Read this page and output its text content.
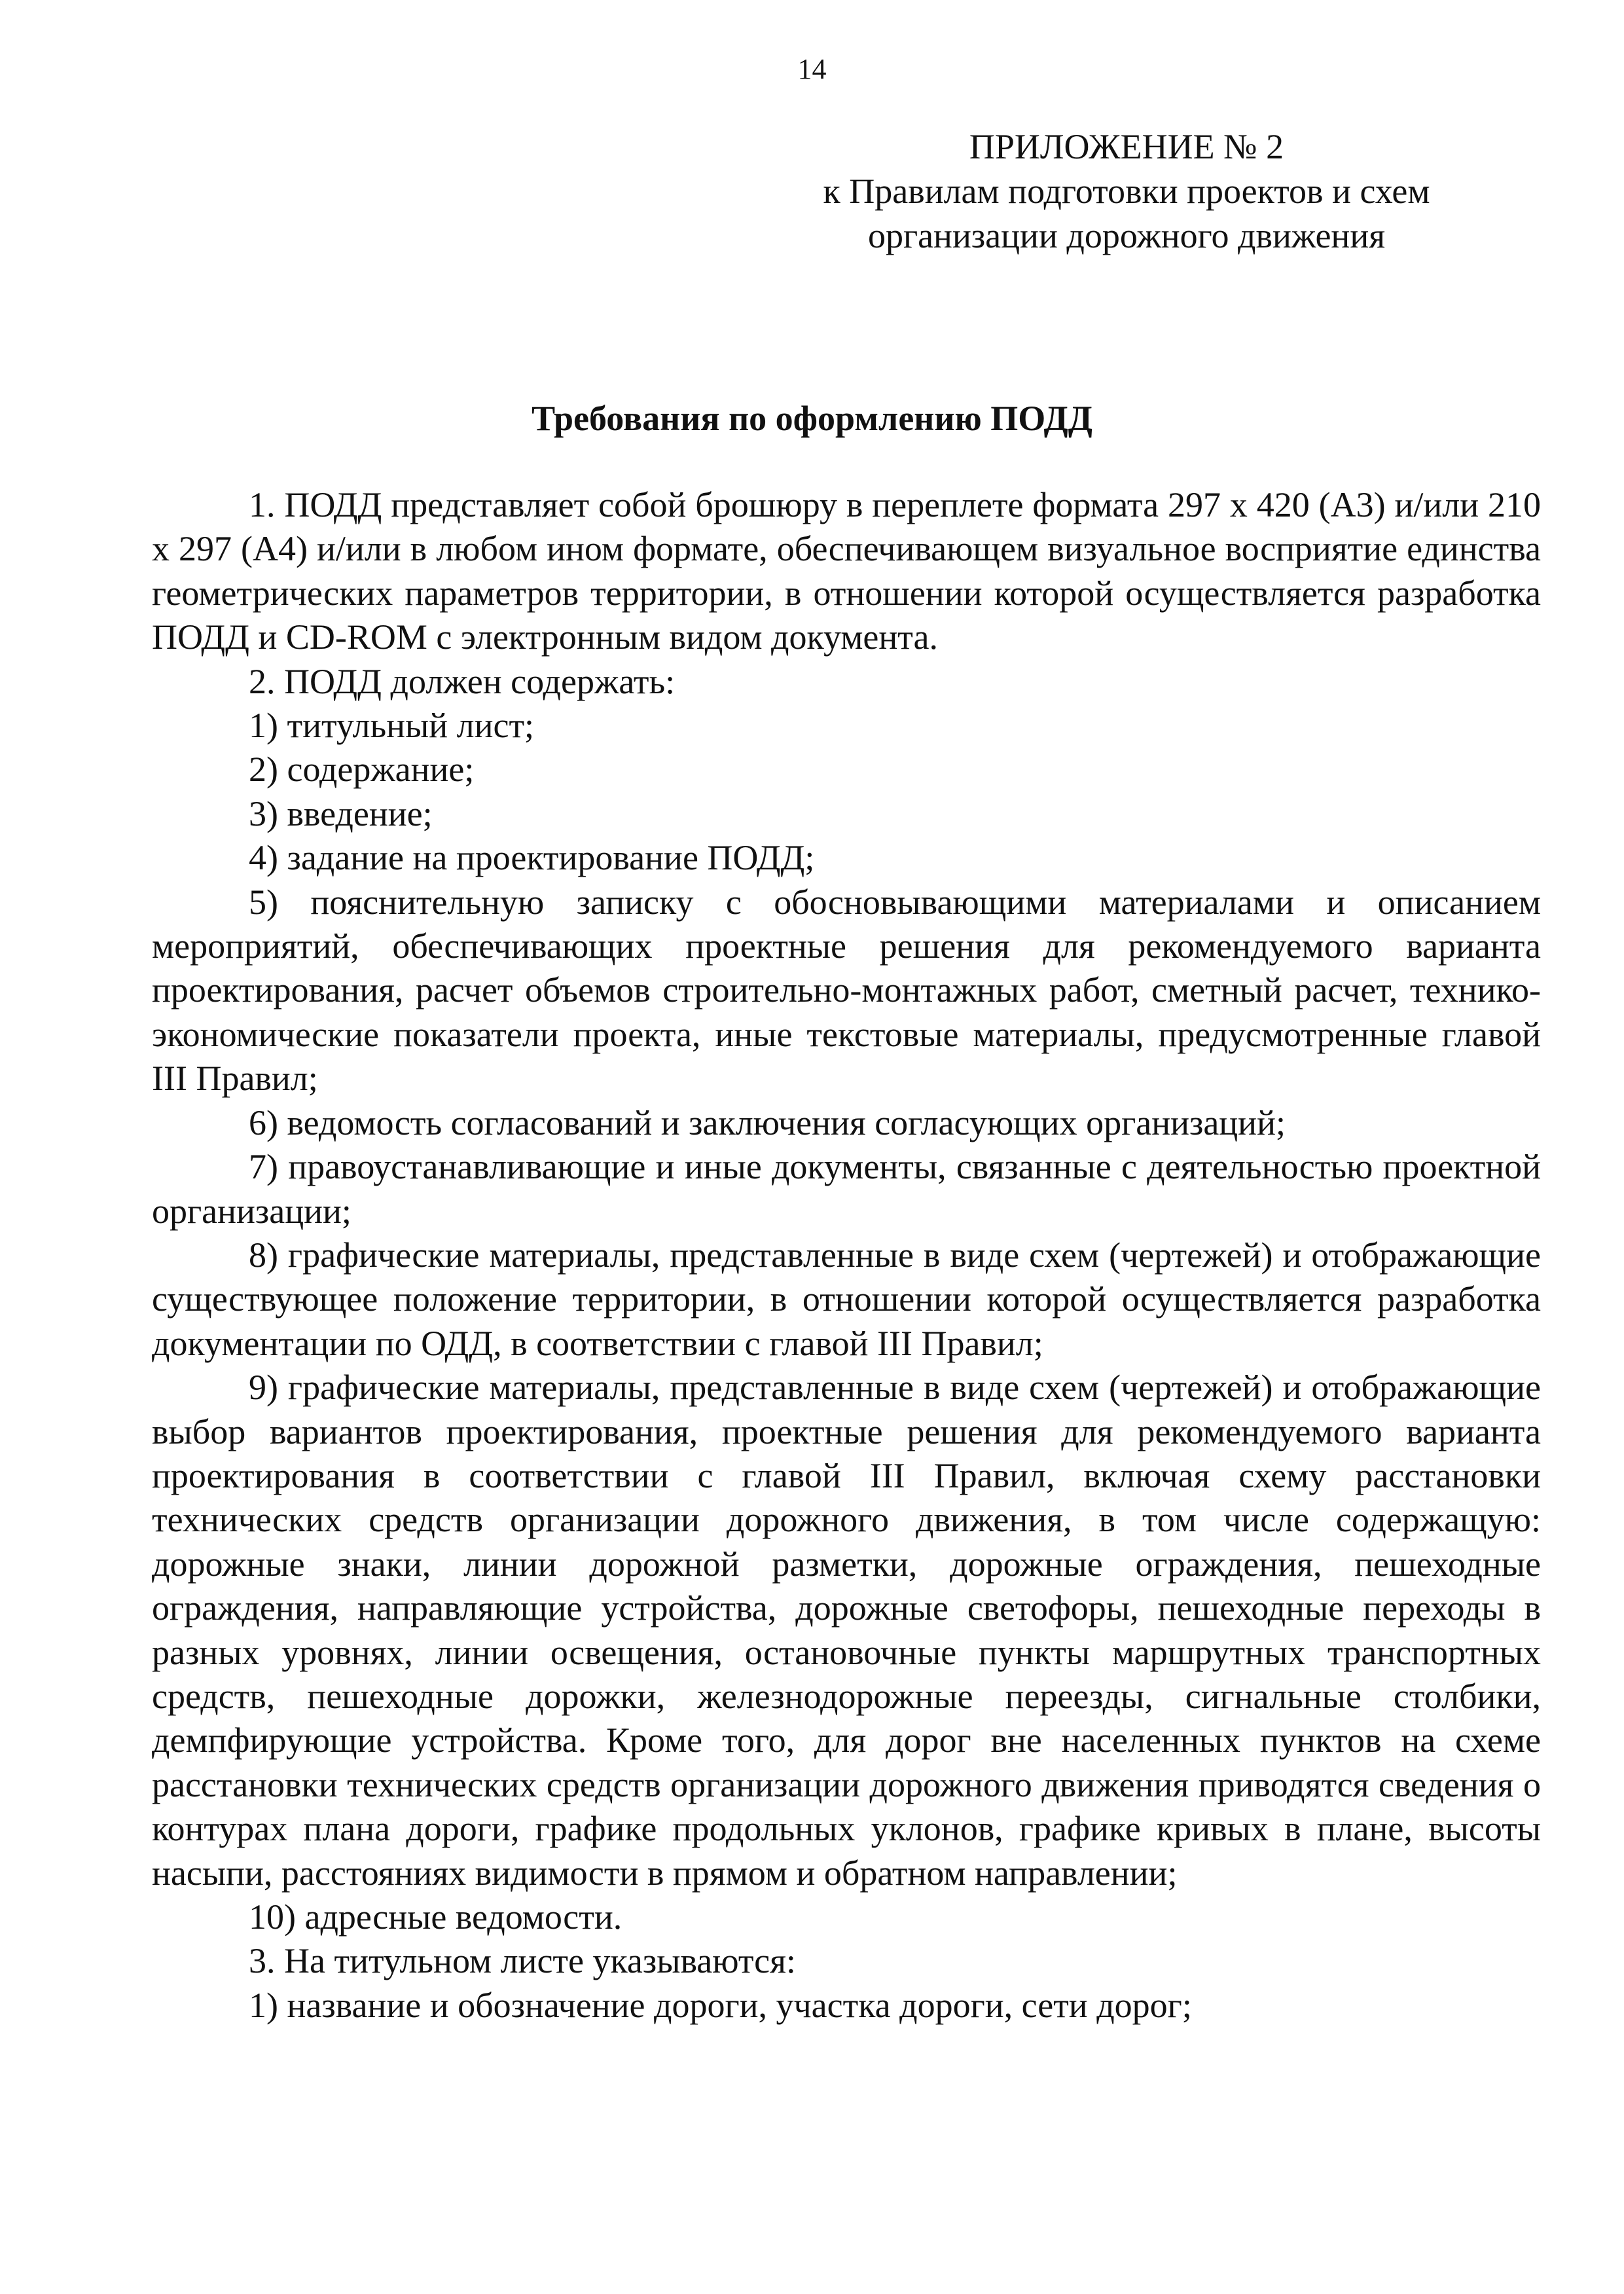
14
ПРИЛОЖЕНИЕ № 2
к Правилам подготовки проектов и схем
организации дорожного движения
Требования по оформлению ПОДД

1. ПОДД представляет собой брошюру в переплете формата 297 х 420 (А3) и/или 210 х 297 (А4) и/или в любом ином формате, обеспечивающем визуальное восприятие единства геометрических параметров территории, в отношении которой осуществляется разработка ПОДД и CD-ROM с электронным видом документа.

2. ПОДД должен содержать:

1) титульный лист;

2) содержание;

3) введение;

4) задание на проектирование ПОДД;

5) пояснительную записку с обосновывающими материалами и описанием мероприятий, обеспечивающих проектные решения для рекомендуемого варианта проектирования, расчет объемов строительно-монтажных работ, сметный расчет, технико-экономические показатели проекта, иные текстовые материалы, предусмотренные главой III Правил;

6) ведомость согласований и заключения согласующих организаций;

7) правоустанавливающие и иные документы, связанные с деятельностью проектной организации;

8) графические материалы, представленные в виде схем (чертежей) и отображающие существующее положение территории, в отношении которой осуществляется разработка документации по ОДД, в соответствии с главой III Правил;

9) графические материалы, представленные в виде схем (чертежей) и отображающие выбор вариантов проектирования, проектные решения для рекомендуемого варианта проектирования в соответствии с главой III Правил, включая схему расстановки технических средств организации дорожного движения, в том числе содержащую: дорожные знаки, линии дорожной разметки, дорожные ограждения, пешеходные ограждения, направляющие устройства, дорожные светофоры, пешеходные переходы в разных уровнях, линии освещения, остановочные пункты маршрутных транспортных средств, пешеходные дорожки, железнодорожные переезды, сигнальные столбики, демпфирующие устройства. Кроме того, для дорог вне населенных пунктов на схеме расстановки технических средств организации дорожного движения приводятся сведения о контурах плана дороги, графике продольных уклонов, графике кривых в плане, высоты насыпи, расстояниях видимости в прямом и обратном направлении;

10) адресные ведомости.

3. На титульном листе указываются:

1) название и обозначение дороги, участка дороги, сети дорог;
